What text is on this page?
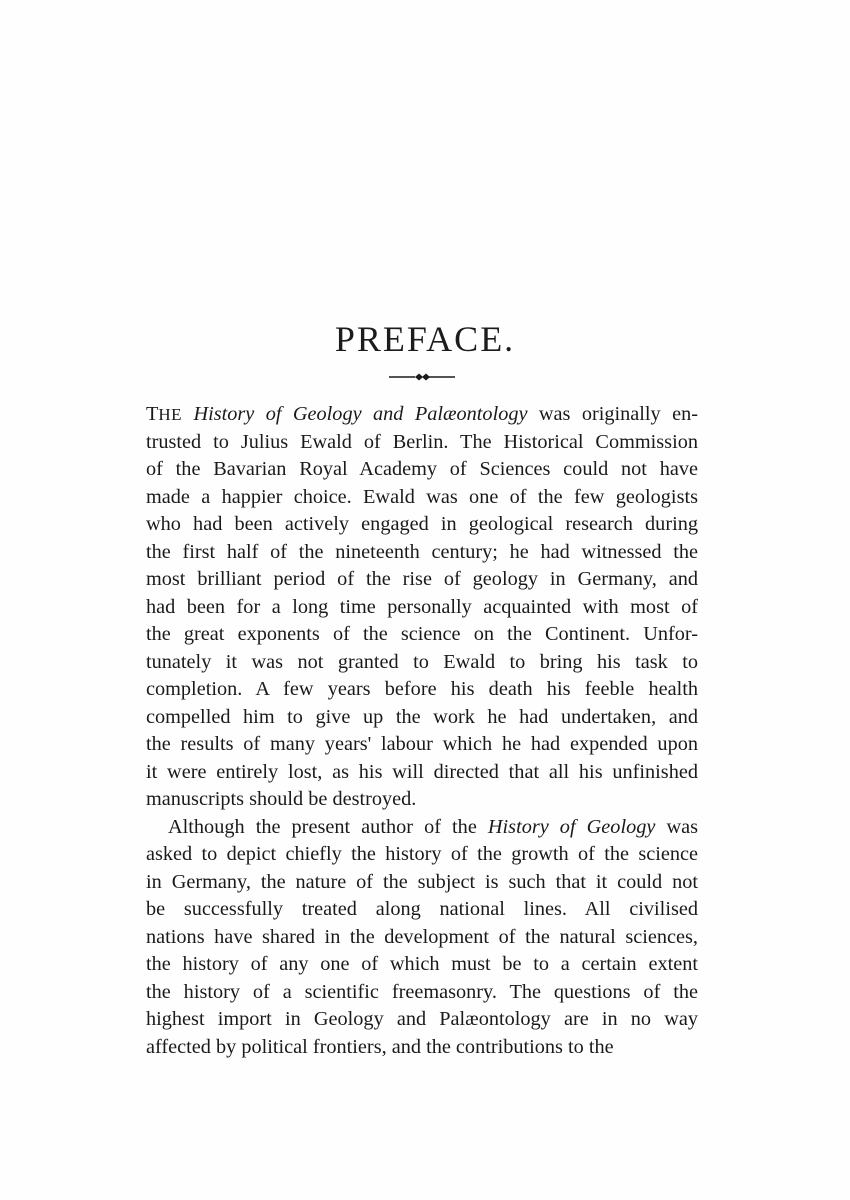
PREFACE.
THE History of Geology and Palæontology was originally en-
trusted to Julius Ewald of Berlin. The Historical Commission
of the Bavarian Royal Academy of Sciences could not have
made a happier choice. Ewald was one of the few geologists
who had been actively engaged in geological research during
the first half of the nineteenth century; he had witnessed the
most brilliant period of the rise of geology in Germany, and
had been for a long time personally acquainted with most of
the great exponents of the science on the Continent. Unfor-
tunately it was not granted to Ewald to bring his task to
completion. A few years before his death his feeble health
compelled him to give up the work he had undertaken, and
the results of many years' labour which he had expended upon
it were entirely lost, as his will directed that all his unfinished
manuscripts should be destroyed.
Although the present author of the History of Geology was
asked to depict chiefly the history of the growth of the science
in Germany, the nature of the subject is such that it could not
be successfully treated along national lines. All civilised
nations have shared in the development of the natural sciences,
the history of any one of which must be to a certain extent
the history of a scientific freemasonry. The questions of the
highest import in Geology and Palæontology are in no way
affected by political frontiers, and the contributions to the
